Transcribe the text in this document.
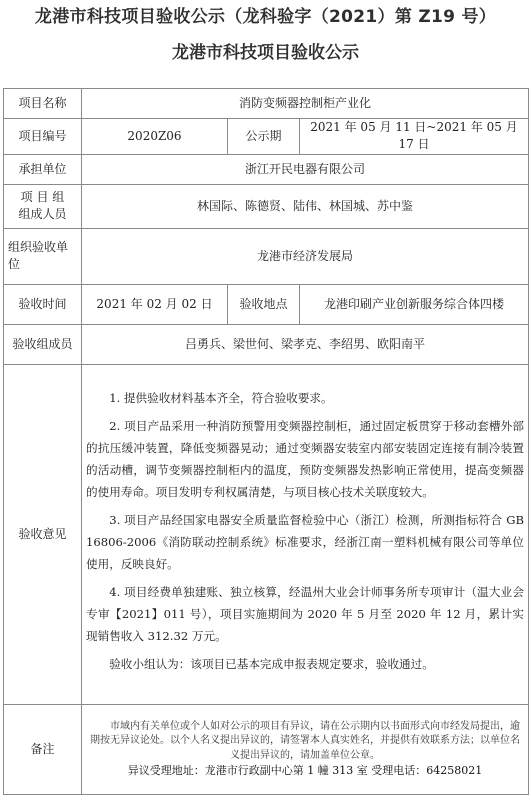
龙港市科技项目验收公示（龙科验字（2021）第 Z19 号）
龙港市科技项目验收公示
项目名称	消防变频器控制柜产业化		
项目编号	2020Z06	公示期	2021 年 05 月 11 日~2021 年 05 月 17 日
承担单位	浙江开民电器有限公司		
项 目 组
组成人员	林国际、陈德贤、陆伟、林国城、苏中鉴		
组织验收单
位	龙港市经济发展局		
验收时间	2021 年 02 月 02 日	验收地点	龙港印刷产业创新服务综合体四楼
验收组成员	吕勇兵、梁世何、梁孝克、李绍男、欧阳南平		
验收意见	1. 提供验收材料基本齐全，符合验收要求。

2. 项目产品采用一种消防预警用变频器控制柜，通过固定板贯穿于移动套槽外部的抗压缓冲装置，降低变频器晃动；通过变频器安装室内部安装固定连接有制冷装置的活动槽，调节变频器控制柜内的温度，预防变频器发热影响正常使用，提高变频器的使用寿命。项目发明专利权属清楚，与项目核心技术关联度较大。

3. 项目产品经国家电器安全质量监督检验中心（浙江）检测，所测指标符合 GB 16806-2006《消防联动控制系统》标准要求，经浙江南一塑料机械有限公司等单位使用，反映良好。

4. 项目经费单独建账、独立核算，经温州大业会计师事务所专项审计（温大业会专审【2021】011 号），项目实施期间为 2020 年 5 月至 2020 年 12 月，累计实现销售收入 312.32 万元。

验收小组认为：该项目已基本完成申报表规定要求，验收通过。		

备注	市域内有关单位或个人如对公示的项目有异议，请在公示期内以书面形式向市经发局提出，逾期按无异议论处。以个人名义提出异议的，请签署本人真实姓名，并提供有效联系方法；以单位名义提出异议的，请加盖单位公章。

异议受理地址：龙港市行政副中心第 1 幢 313 室 受理电话：64258021		
